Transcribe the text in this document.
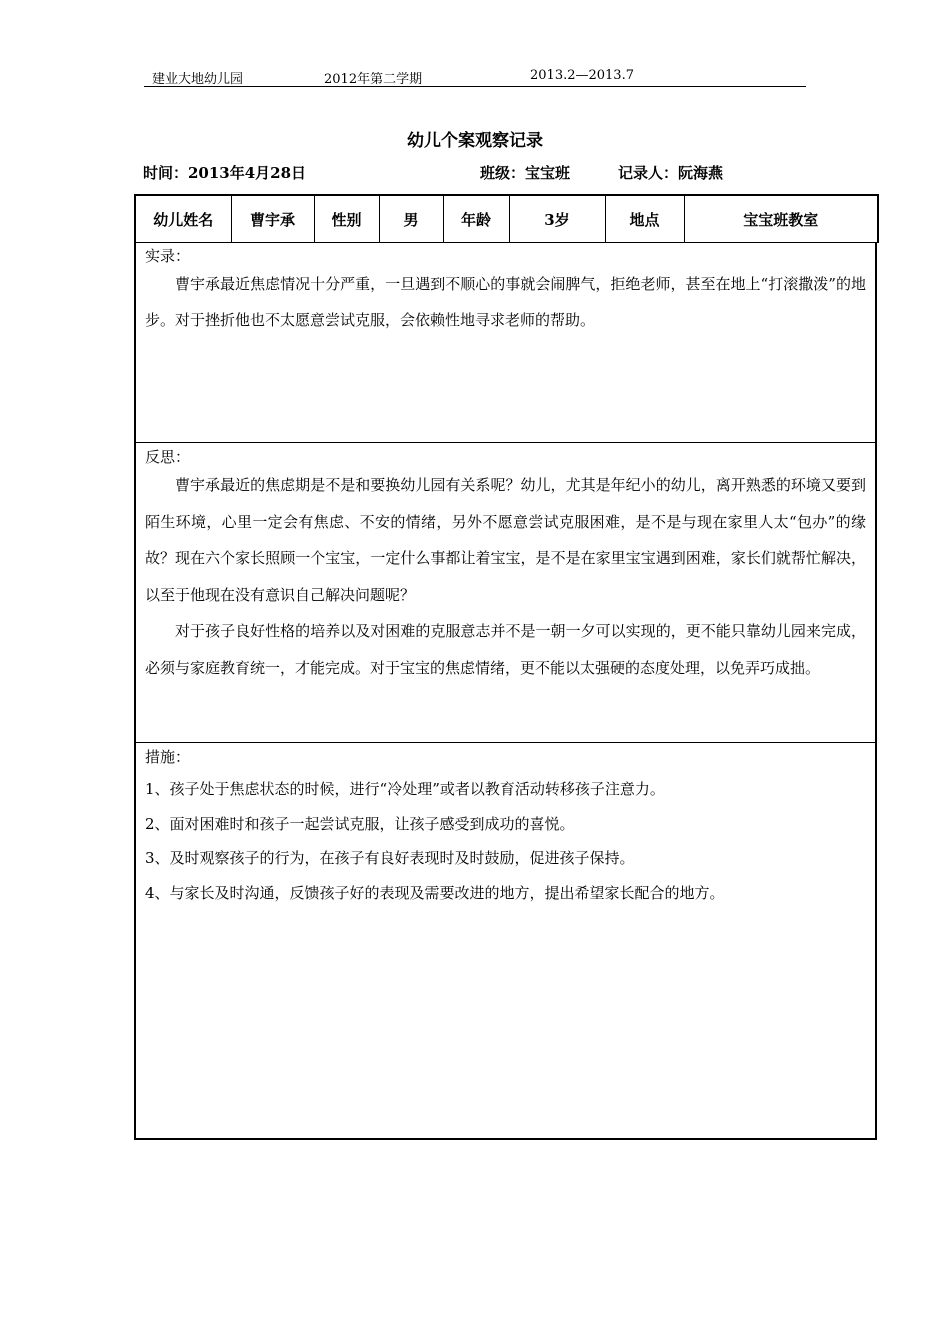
建业大地幼儿园	2012年第二学期	2013.2—2013.7
幼儿个案观察记录
时间：2013年4月28日	班级：宝宝班	记录人：阮海燕
幼儿姓名	曹宇承	性别	男	年龄	3岁	地点	宝宝班教室
实录：
曹宇承最近焦虑情况十分严重，一旦遇到不顺心的事就会闹脾气，拒绝老师，甚至在地上“打滚撒泼”的地步。对于挫折他也不太愿意尝试克服，会依赖性地寻求老师的帮助。
反思：
曹宇承最近的焦虑期是不是和要换幼儿园有关系呢？幼儿，尤其是年纪小的幼儿，离开熟悉的环境又要到陌生环境，心里一定会有焦虑、不安的情绪，另外不愿意尝试克服困难，是不是与现在家里人太“包办”的缘故？现在六个家长照顾一个宝宝，一定什么事都让着宝宝，是不是在家里宝宝遇到困难，家长们就帮忙解决，以至于他现在没有意识自己解决问题呢？
对于孩子良好性格的培养以及对困难的克服意志并不是一朝一夕可以实现的，更不能只靠幼儿园来完成，必须与家庭教育统一，才能完成。对于宝宝的焦虑情绪，更不能以太强硬的态度处理，以免弄巧成拙。
措施：
1、孩子处于焦虑状态的时候，进行“冷处理”或者以教育活动转移孩子注意力。
2、面对困难时和孩子一起尝试克服，让孩子感受到成功的喜悦。
3、及时观察孩子的行为，在孩子有良好表现时及时鼓励，促进孩子保持。
4、与家长及时沟通，反馈孩子好的表现及需要改进的地方，提出希望家长配合的地方。
